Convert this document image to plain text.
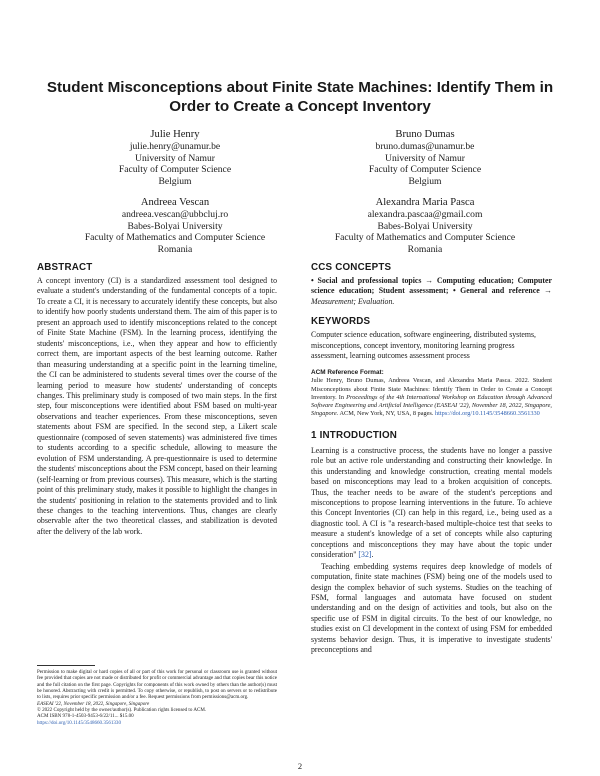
Student Misconceptions about Finite State Machines: Identify Them in Order to Create a Concept Inventory
Julie Henry
julie.henry@unamur.be
University of Namur
Faculty of Computer Science
Belgium
Bruno Dumas
bruno.dumas@unamur.be
University of Namur
Faculty of Computer Science
Belgium
Andreea Vescan
andreea.vescan@ubbcluj.ro
Babes-Bolyai University
Faculty of Mathematics and Computer Science
Romania
Alexandra Maria Pasca
alexandra.pascaa@gmail.com
Babes-Bolyai University
Faculty of Mathematics and Computer Science
Romania
ABSTRACT

A concept inventory (CI) is a standardized assessment tool designed to evaluate a student's understanding of the fundamental concepts of a topic. To create a CI, it is necessary to accurately identify these concepts, but also to identify how poorly students understand them. The aim of this paper is to present an approach used to identify misconceptions related to the concept of Finite State Machine (FSM). In the learning process, identifying the students' misconceptions, i.e., when they appear and how to efficiently correct them, are important aspects of the best learning outcome. Rather than measuring understanding at a specific point in the learning timeline, the CI can be administered to students several times over the course of the learning period to measure how students' understanding of concepts changes. This preliminary study is composed of two main steps. In the first step, four misconceptions were identified about FSM based on multi-year observations and teacher experiences. From these misconceptions, seven statements about FSM are specified. In the second step, a Likert scale questionnaire (composed of seven statements) was administered five times to students according to a specific schedule, allowing to measure the evolution of FSM understanding. A pre-questionnaire is used to determine the students' misconceptions about the FSM concept, based on their learning (self-learning or from previous courses). This measure, which is the starting point of this preliminary study, makes it possible to highlight the changes in the students' positioning in relation to the statements provided and to link these changes to the teaching interventions. Thus, changes are clearly observable after the two theoretical classes, and stabilization is devoted after the delivery of the lab work.

Permission to make digital or hard copies of all or part of this work for personal or classroom use is granted without fee provided that copies are not made or distributed for profit or commercial advantage and that copies bear this notice and the full citation on the first page. Copyrights for components of this work owned by others than the author(s) must be honored. Abstracting with credit is permitted. To copy otherwise, or republish, to post on servers or to redistribute to lists, requires prior specific permission and/or a fee. Request permissions from permissions@acm.org.

EASEAI '22, November 18, 2022, Singapore, Singapore

© 2022 Copyright held by the owner/author(s). Publication rights licensed to ACM.

ACM ISBN 978-1-4503-9453-6/22/11... $15.00

https://doi.org/10.1145/3548660.3561330

CCS CONCEPTS

• Social and professional topics → Computing education; Computer science education; Student assessment; • General and reference → Measurement; Evaluation.

KEYWORDS

Computer science education, software engineering, distributed systems, misconceptions, concept inventory, monitoring learning progress assessment, learning outcomes assessment process

ACM Reference Format:

Julie Henry, Bruno Dumas, Andreea Vescan, and Alexandra Maria Pasca. 2022. Student Misconceptions about Finite State Machines: Identify Them in Order to Create a Concept Inventory. In Proceedings of the 4th International Workshop on Education through Advanced Software Engineering and Artificial Intelligence (EASEAI '22), November 18, 2022, Singapore, Singapore. ACM, New York, NY, USA, 8 pages. https://doi.org/10.1145/3548660.3561330

1 INTRODUCTION

Learning is a constructive process, the students have no longer a passive role but an active role understanding and constructing their knowledge. In this understanding and knowledge construction, creating mental models based on misconceptions may lead to a broken acquisition of concepts. Thus, the teacher needs to be aware of the student's perceptions and misconceptions to propose learning interventions in the future. To achieve this Concept Inventories (CI) can help in this regard, i.e., being used as a diagnostic tool. A CI is "a research-based multiple-choice test that seeks to measure a student's knowledge of a set of concepts while also capturing conceptions and misconceptions they may have about the topic under consideration" [32].

Teaching embedding systems requires deep knowledge of models of computation, finite state machines (FSM) being one of the models used to design the complex behavior of such systems. Studies on the teaching of FSM, formal languages and automata have focused on student understanding and on the design of activities and tools, but also on the specific use of FSM in digital circuits. To the best of our knowledge, no studies exist on CI development in the context of using FSM for embedded systems behavior design. Thus, it is imperative to investigate students' preconceptions and

2
